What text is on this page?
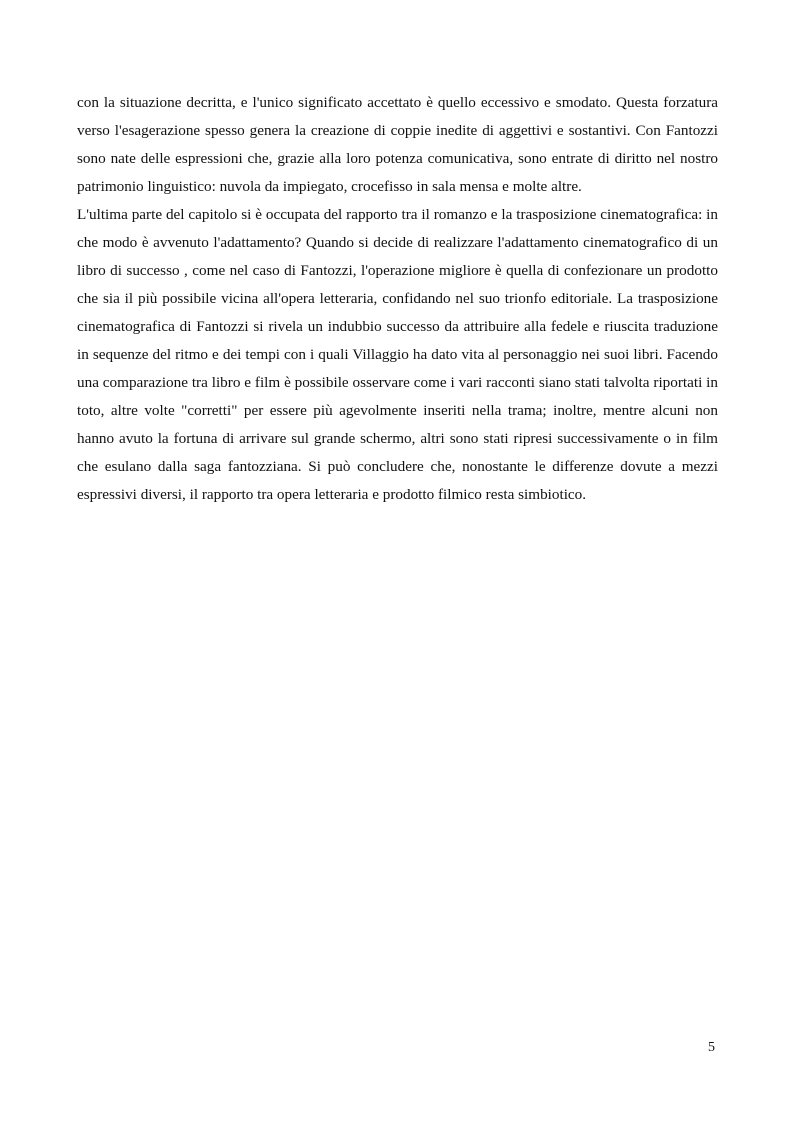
con la situazione decritta, e l'unico significato accettato è quello eccessivo e smodato. Questa forzatura verso l'esagerazione spesso genera la creazione di coppie inedite di aggettivi e sostantivi. Con Fantozzi sono nate delle espressioni che, grazie alla loro potenza comunicativa, sono entrate di diritto nel nostro patrimonio linguistico: nuvola da impiegato, crocefisso in sala mensa e molte altre.

L'ultima parte del capitolo si è occupata del rapporto tra il romanzo e la trasposizione cinematografica: in che modo è avvenuto l'adattamento? Quando si decide di realizzare l'adattamento cinematografico di un libro di successo , come nel caso di Fantozzi, l'operazione migliore è quella di confezionare un prodotto che sia il più possibile vicina all'opera letteraria, confidando nel suo trionfo editoriale. La trasposizione cinematografica di Fantozzi si rivela un indubbio successo da attribuire alla fedele e riuscita traduzione in sequenze del ritmo e dei tempi con i quali Villaggio ha dato vita al personaggio nei suoi libri. Facendo una comparazione tra libro e film è possibile osservare come i vari racconti siano stati talvolta riportati in toto, altre volte "corretti" per essere più agevolmente inseriti nella trama; inoltre, mentre alcuni non hanno avuto la fortuna di arrivare sul grande schermo, altri sono stati ripresi successivamente o in film che esulano dalla saga fantozziana. Si può concludere che, nonostante le differenze dovute a mezzi espressivi diversi, il rapporto tra opera letteraria e prodotto filmico resta simbiotico.

5
